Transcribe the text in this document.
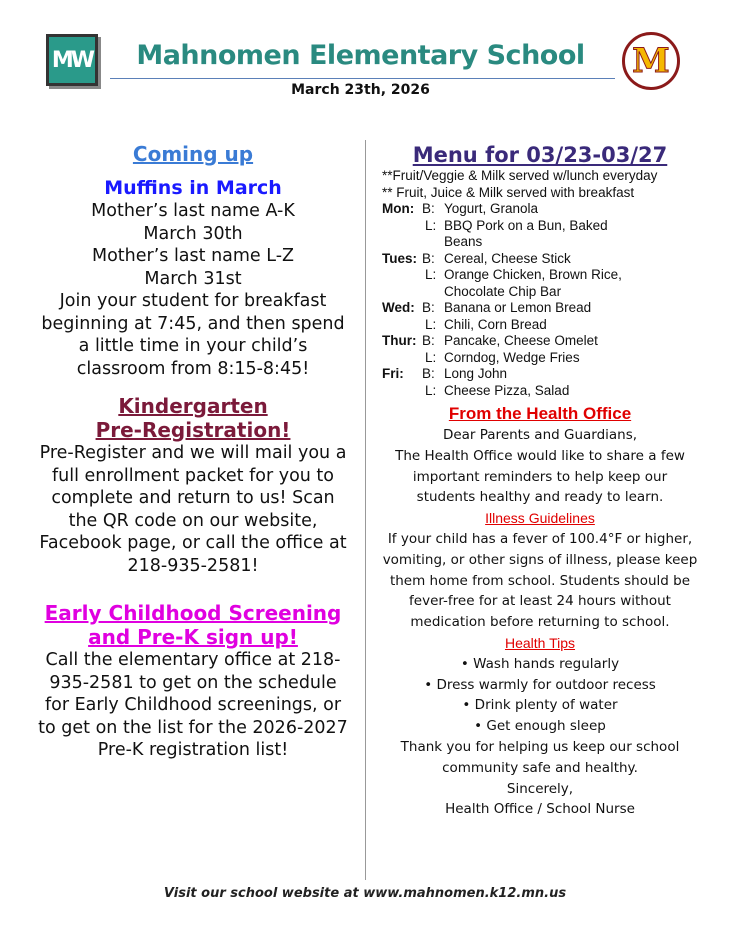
MW	Mahnomen Elementary School
March 23th, 2026
M
Coming up
Muffins in March

Mother’s last name A-K

March 30th

Mother’s last name L-Z

March 31st

Join your student for breakfast beginning at 7:45, and then spend a little time in your child’s classroom from 8:15-8:45!

Kindergarten
Pre-Registration!

Pre-Register and we will mail you a full enrollment packet for you to complete and return to us! Scan the QR code on our website, Facebook page, or call the office at 218-935-2581!

Early Childhood Screening
and Pre-K sign up!

Call the elementary office at 218-935-2581 to get on the schedule for Early Childhood screenings, or to get on the list for the 2026-2027 Pre-K registration list!

Menu for 03/23-03/27
**Fruit/Veggie & Milk served w/lunch everyday
** Fruit, Juice & Milk served with breakfast
Mon: B: Yogurt, Granola
L: BBQ Pork on a Bun, Baked Beans
Tues: B: Cereal, Cheese Stick
L: Orange Chicken, Brown Rice, Chocolate Chip Bar
Wed: B: Banana or Lemon Bread
L: Chili, Corn Bread
Thur: B: Pancake, Cheese Omelet
L: Corndog, Wedge Fries
Fri:	B: Long John
L: Cheese Pizza, Salad
From the Health Office
Dear Parents and Guardians,
The Health Office would like to share a few important reminders to help keep our students healthy and ready to learn.
Illness Guidelines
If your child has a fever of 100.4°F or higher, vomiting, or other signs of illness, please keep them home from school. Students should be fever-free for at least 24 hours without medication before returning to school.
Health Tips
• Wash hands regularly
• Dress warmly for outdoor recess
• Drink plenty of water
• Get enough sleep
Thank you for helping us keep our school community safe and healthy.
Sincerely,
Health Office / School Nurse
Visit our school website at www.mahnomen.k12.mn.us
